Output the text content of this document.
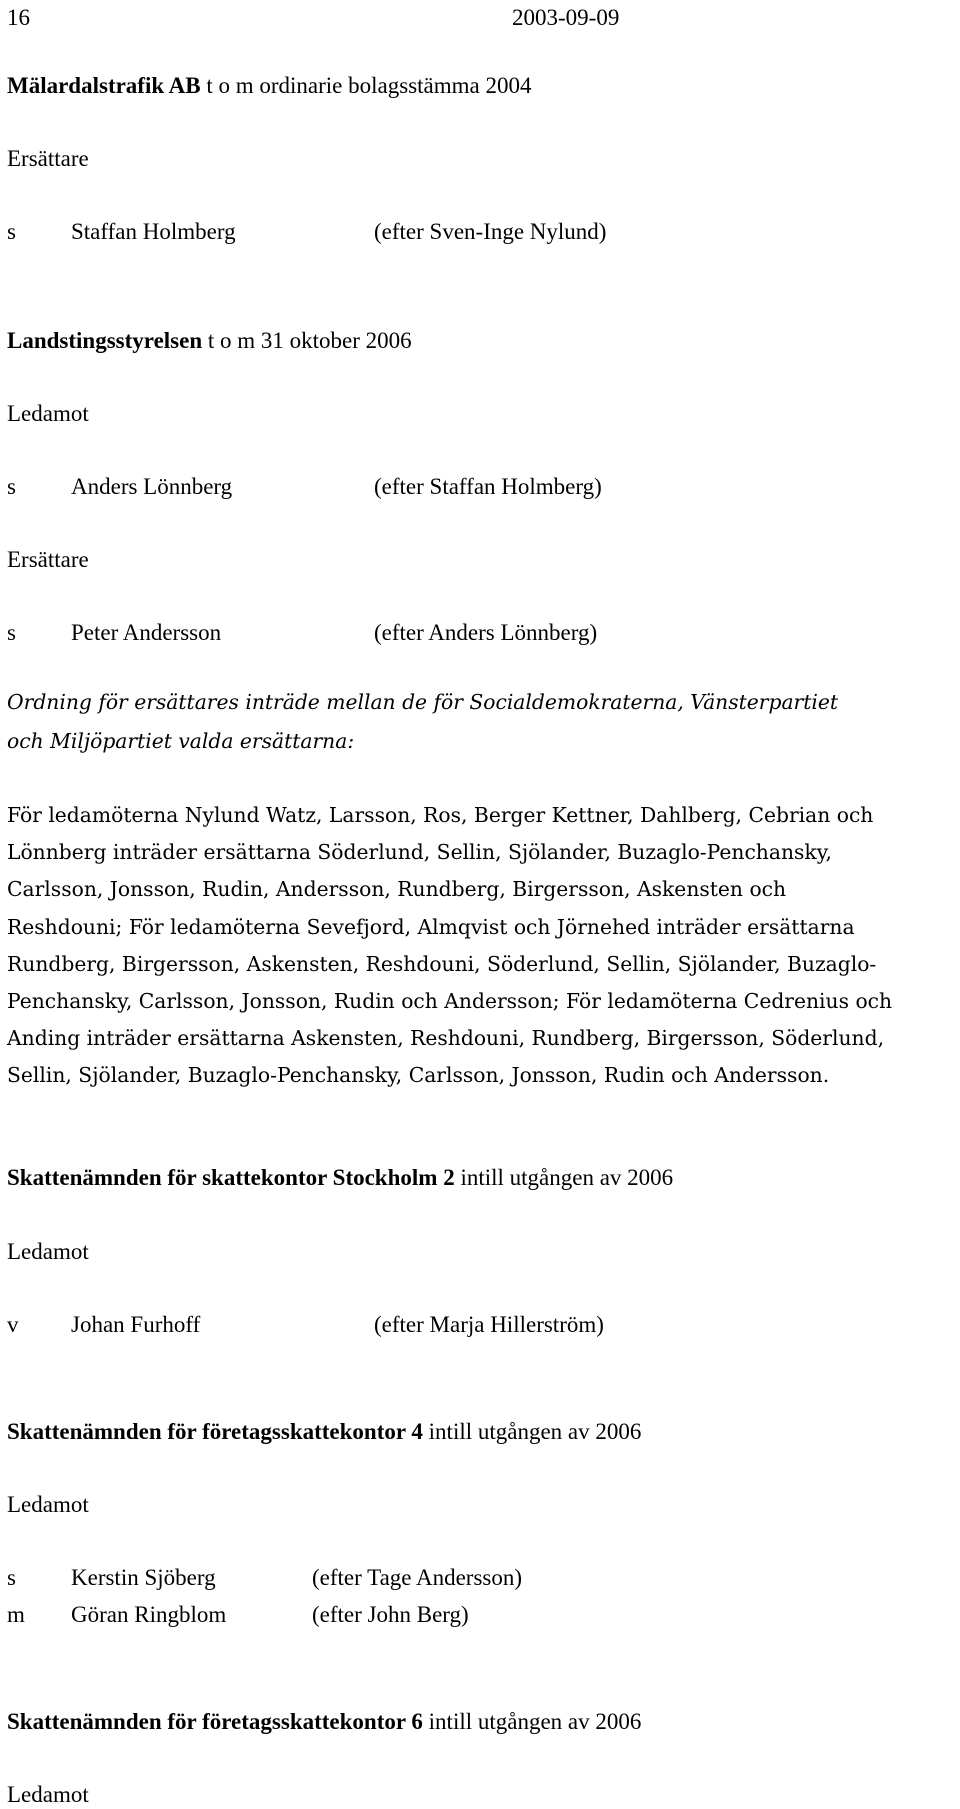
16	2003-09-09
Mälardalstrafik AB t o m ordinarie bolagsstämma 2004
Ersättare
s Staffan Holmberg	(efter Sven-Inge Nylund)
Landstingsstyrelsen t o m 31 oktober 2006
Ledamot
s Anders Lönnberg	(efter Staffan Holmberg)
Ersättare
s Peter Andersson	(efter Anders Lönnberg)
Ordning för ersättares inträde mellan de för Socialdemokraterna, Vänsterpartiet
och Miljöpartiet valda ersättarna:
För ledamöterna Nylund Watz, Larsson, Ros, Berger Kettner, Dahlberg, Cebrian och
Lönnberg inträder ersättarna Söderlund, Sellin, Sjölander, Buzaglo-Penchansky,
Carlsson, Jonsson, Rudin, Andersson, Rundberg, Birgersson, Askensten och
Reshdouni; För ledamöterna Sevefjord, Almqvist och Jörnehed inträder ersättarna
Rundberg, Birgersson, Askensten, Reshdouni, Söderlund, Sellin, Sjölander, Buzaglo-
Penchansky, Carlsson, Jonsson, Rudin och Andersson; För ledamöterna Cedrenius och
Anding inträder ersättarna Askensten, Reshdouni, Rundberg, Birgersson, Söderlund,
Sellin, Sjölander, Buzaglo-Penchansky, Carlsson, Jonsson, Rudin och Andersson.
Skattenämnden för skattekontor Stockholm 2 intill utgången av 2006
Ledamot
v Johan Furhoff	(efter Marja Hillerström)
Skattenämnden för företagsskattekontor 4 intill utgången av 2006
Ledamot
s Kerstin Sjöberg	(efter Tage Andersson)
m Göran Ringblom	(efter John Berg)
Skattenämnden för företagsskattekontor 6 intill utgången av 2006
Ledamot
